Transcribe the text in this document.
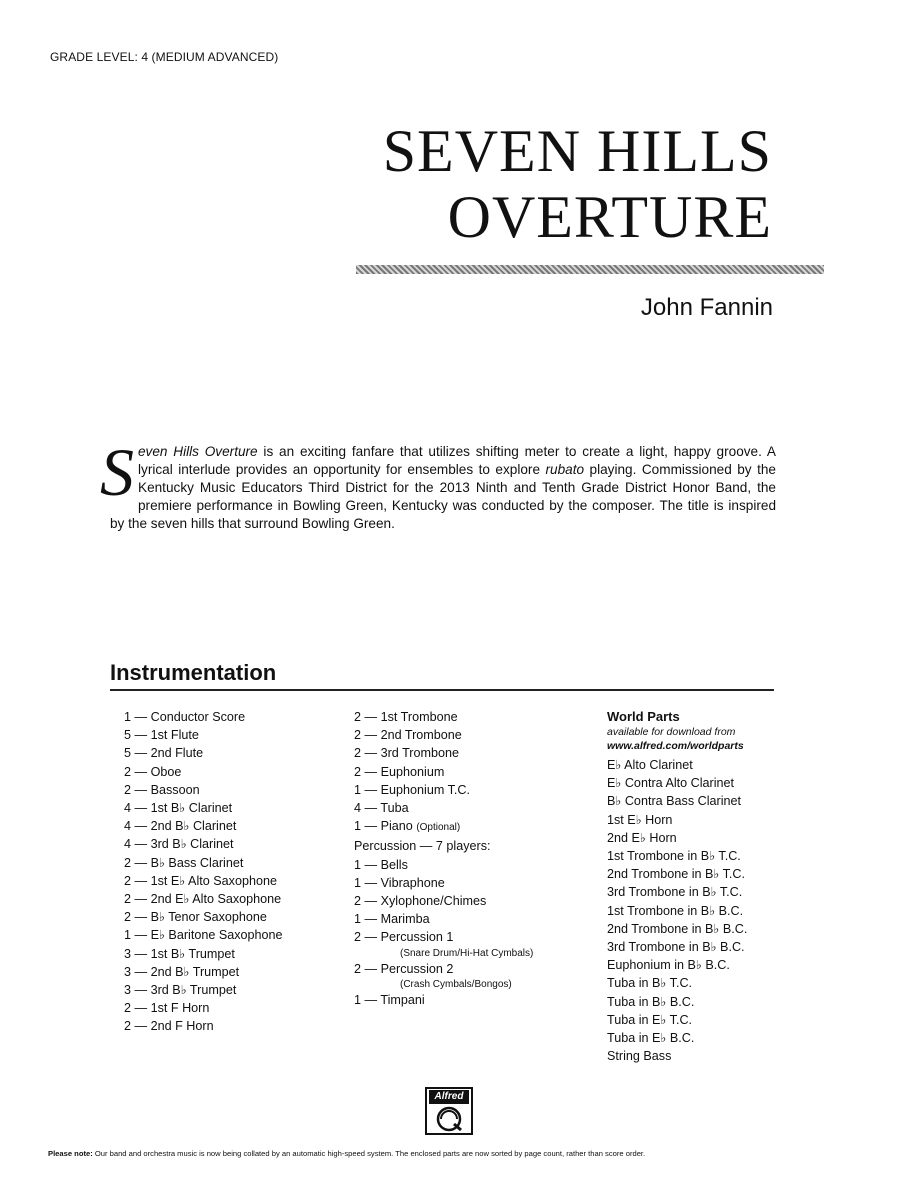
GRADE LEVEL: 4 (MEDIUM ADVANCED)
SEVEN HILLS
OVERTURE
John Fannin
Seven Hills Overture is an exciting fanfare that utilizes shifting meter to create a light, happy groove. A lyrical interlude provides an opportunity for ensembles to explore rubato playing. Commissioned by the Kentucky Music Educators Third District for the 2013 Ninth and Tenth Grade District Honor Band, the premiere performance in Bowling Green, Kentucky was conducted by the composer. The title is inspired by the seven hills that surround Bowling Green.
Instrumentation
1 — Conductor Score
5 — 1st Flute
5 — 2nd Flute
2 — Oboe
2 — Bassoon
4 — 1st B♭ Clarinet
4 — 2nd B♭ Clarinet
4 — 3rd B♭ Clarinet
2 — B♭ Bass Clarinet
2 — 1st E♭ Alto Saxophone
2 — 2nd E♭ Alto Saxophone
2 — B♭ Tenor Saxophone
1 — E♭ Baritone Saxophone
3 — 1st B♭ Trumpet
3 — 2nd B♭ Trumpet
3 — 3rd B♭ Trumpet
2 — 1st F Horn
2 — 2nd F Horn
2 — 1st Trombone
2 — 2nd Trombone
2 — 3rd Trombone
2 — Euphonium
1 — Euphonium T.C.
4 — Tuba
1 — Piano (Optional)
Percussion — 7 players:
1 — Bells
1 — Vibraphone
2 — Xylophone/Chimes
1 — Marimba
2 — Percussion 1
(Snare Drum/Hi-Hat Cymbals)
2 — Percussion 2
(Crash Cymbals/Bongos)
1 — Timpani
World Parts
available for download from
www.alfred.com/worldparts
E♭ Alto Clarinet
E♭ Contra Alto Clarinet
B♭ Contra Bass Clarinet
1st E♭ Horn
2nd E♭ Horn
1st Trombone in B♭ T.C.
2nd Trombone in B♭ T.C.
3rd Trombone in B♭ T.C.
1st Trombone in B♭ B.C.
2nd Trombone in B♭ B.C.
3rd Trombone in B♭ B.C.
Euphonium in B♭ B.C.
Tuba in B♭ T.C.
Tuba in B♭ B.C.
Tuba in E♭ T.C.
Tuba in E♭ B.C.
String Bass
Alfred
Please note: Our band and orchestra music is now being collated by an automatic high-speed system. The enclosed parts are now sorted by page count, rather than score order.
